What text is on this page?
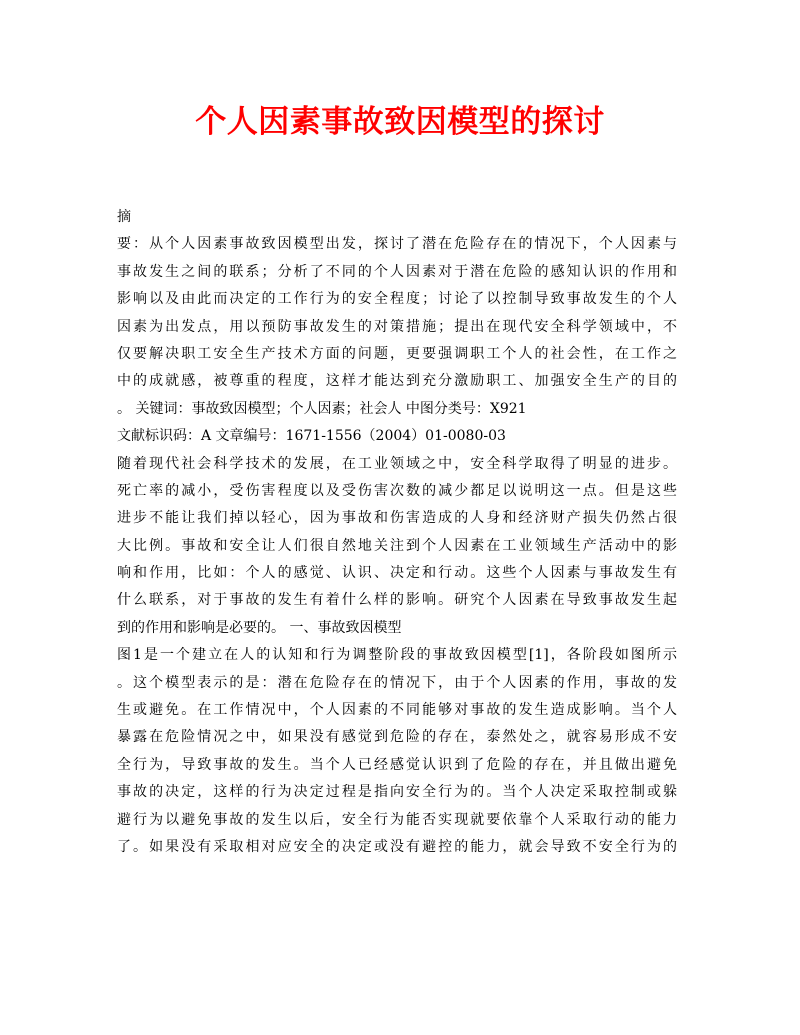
个人因素事故致因模型的探讨
摘
要：从个人因素事故致因模型出发，探讨了潜在危险存在的情况下，个人因素与
事故发生之间的联系；分析了不同的个人因素对于潜在危险的感知认识的作用和
影响以及由此而决定的工作行为的安全程度；讨论了以控制导致事故发生的个人
因素为出发点，用以预防事故发生的对策措施；提出在现代安全科学领域中，不
仅要解决职工安全生产技术方面的问题，更要强调职工个人的社会性，在工作之
中的成就感，被尊重的程度，这样才能达到充分激励职工、加强安全生产的目的
。 关键词：事故致因模型；个人因素；社会人 中图分类号：X921
文献标识码：A 文章编号：1671-1556（2004）01-0080-03
随着现代社会科学技术的发展，在工业领域之中，安全科学取得了明显的进步。
死亡率的减小，受伤害程度以及受伤害次数的减少都足以说明这一点。但是这些
进步不能让我们掉以轻心，因为事故和伤害造成的人身和经济财产损失仍然占很
大比例。事故和安全让人们很自然地关注到个人因素在工业领域生产活动中的影
响和作用，比如：个人的感觉、认识、决定和行动。这些个人因素与事故发生有
什么联系，对于事故的发生有着什么样的影响。研究个人因素在导致事故发生起
到的作用和影响是必要的。 一、事故致因模型
图1是一个建立在人的认知和行为调整阶段的事故致因模型[1]，各阶段如图所示
。这个模型表示的是：潜在危险存在的情况下，由于个人因素的作用，事故的发
生或避免。在工作情况中，个人因素的不同能够对事故的发生造成影响。当个人
暴露在危险情况之中，如果没有感觉到危险的存在，泰然处之，就容易形成不安
全行为，导致事故的发生。当个人已经感觉认识到了危险的存在，并且做出避免
事故的决定，这样的行为决定过程是指向安全行为的。当个人决定采取控制或躲
避行为以避免事故的发生以后，安全行为能否实现就要依靠个人采取行动的能力
了。如果没有采取相对应安全的决定或没有避控的能力，就会导致不安全行为的
